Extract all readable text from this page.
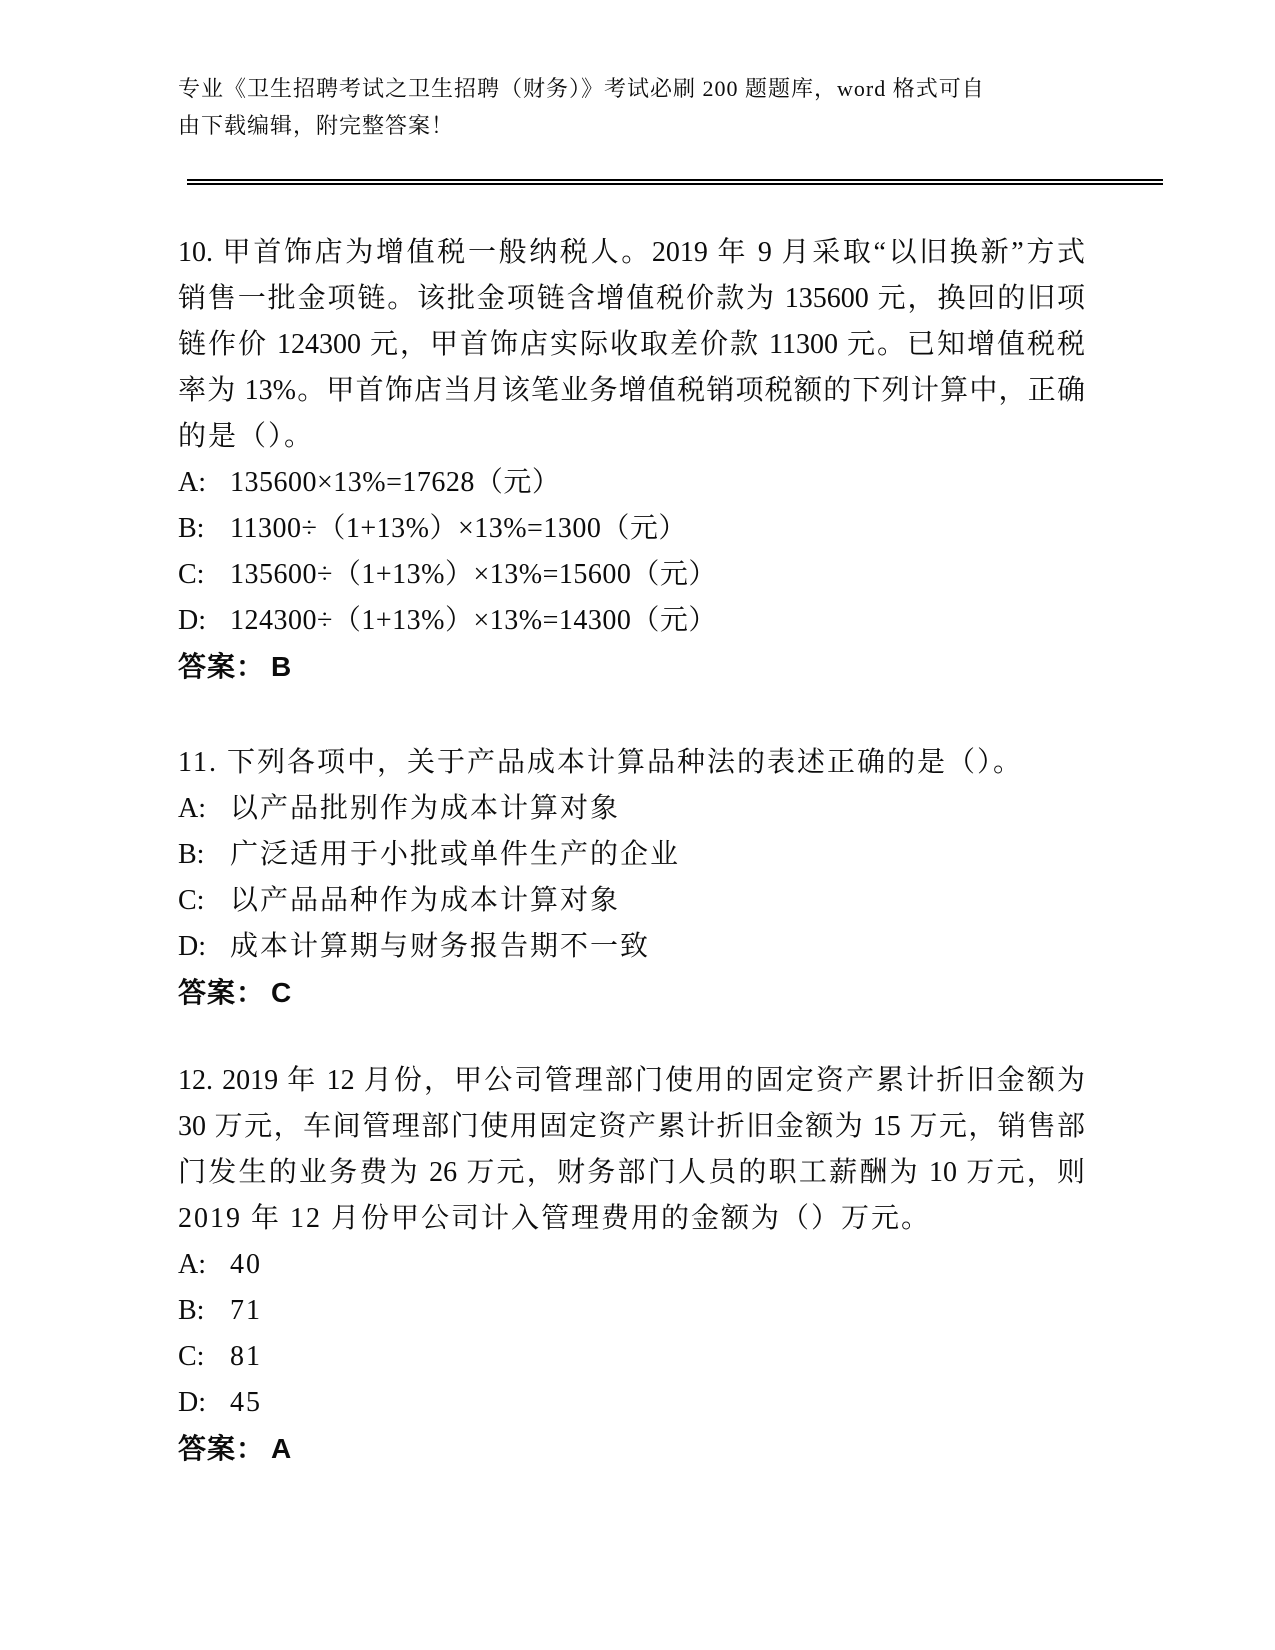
专业《卫生招聘考试之卫生招聘（财务）》考试必刷 200 题题库，word 格式可自
由下载编辑，附完整答案！
10. 甲首饰店为增值税一般纳税人。2019 年 9 月采取“以旧换新”方式
销售一批金项链。该批金项链含增值税价款为 135600 元，换回的旧项
链作价 124300 元，甲首饰店实际收取差价款 11300 元。已知增值税税
率为 13%。甲首饰店当月该笔业务增值税销项税额的下列计算中，正确
的是（）。
A: 135600×13%=17628（元）
B: 11300÷（1+13%）×13%=1300（元）
C: 135600÷（1+13%）×13%=15600（元）
D: 124300÷（1+13%）×13%=14300（元）
答案： B
11. 下列各项中，关于产品成本计算品种法的表述正确的是（）。
A: 以产品批别作为成本计算对象
B: 广泛适用于小批或单件生产的企业
C: 以产品品种作为成本计算对象
D: 成本计算期与财务报告期不一致
答案： C
12. 2019 年 12 月份，甲公司管理部门使用的固定资产累计折旧金额为
30 万元，车间管理部门使用固定资产累计折旧金额为 15 万元，销售部
门发生的业务费为 26 万元，财务部门人员的职工薪酬为 10 万元，则
2019 年 12 月份甲公司计入管理费用的金额为（）万元。
A: 40
B: 71
C: 81
D: 45
答案： A
